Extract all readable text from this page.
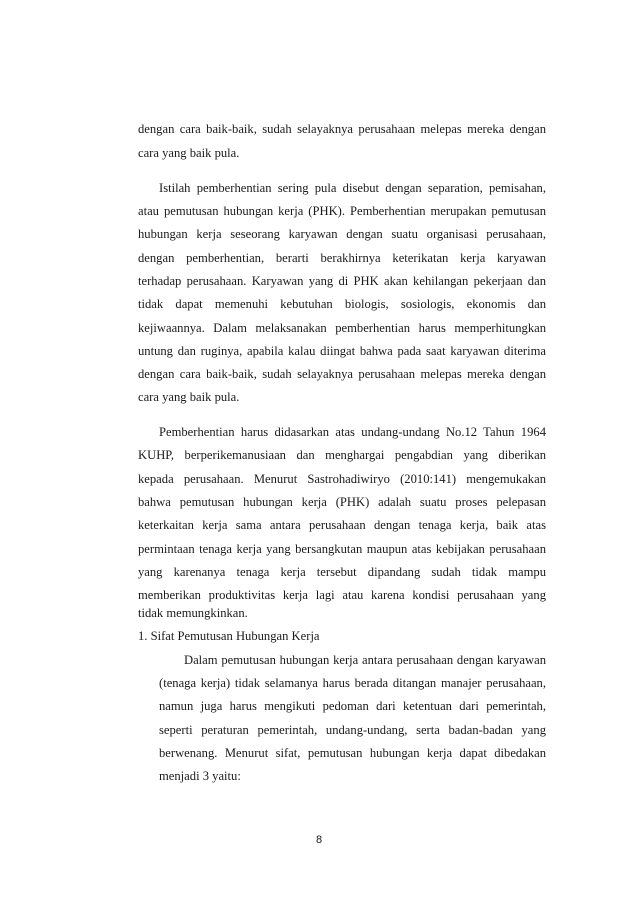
dengan cara baik-baik, sudah selayaknya perusahaan melepas mereka dengan
cara yang baik pula.
Istilah pemberhentian sering pula disebut dengan separation, pemisahan,
atau pemutusan hubungan kerja (PHK). Pemberhentian merupakan pemutusan
hubungan kerja seseorang karyawan dengan suatu organisasi perusahaan,
dengan pemberhentian, berarti berakhirnya keterikatan kerja karyawan
terhadap perusahaan. Karyawan yang di PHK akan kehilangan pekerjaan dan
tidak dapat memenuhi kebutuhan biologis, sosiologis, ekonomis dan
kejiwaannya. Dalam melaksanakan pemberhentian harus memperhitungkan
untung dan ruginya, apabila kalau diingat bahwa pada saat karyawan diterima
dengan cara baik-baik, sudah selayaknya perusahaan melepas mereka dengan
cara yang baik pula.
Pemberhentian harus didasarkan atas undang-undang No.12 Tahun 1964
KUHP, berperikemanusiaan dan menghargai pengabdian yang diberikan
kepada perusahaan. Menurut Sastrohadiwiryo (2010:141) mengemukakan
bahwa pemutusan hubungan kerja (PHK) adalah suatu proses pelepasan
keterkaitan kerja sama antara perusahaan dengan tenaga kerja, baik atas
permintaan tenaga kerja yang bersangkutan maupun atas kebijakan perusahaan
yang karenanya tenaga kerja tersebut dipandang sudah tidak mampu
memberikan produktivitas kerja lagi atau karena kondisi perusahaan yang
tidak memungkinkan.
1. Sifat Pemutusan Hubungan Kerja
Dalam pemutusan hubungan kerja antara perusahaan dengan karyawan
(tenaga kerja) tidak selamanya harus berada ditangan manajer perusahaan,
namun juga harus mengikuti pedoman dari ketentuan dari pemerintah,
seperti peraturan pemerintah, undang-undang, serta badan-badan yang
berwenang. Menurut sifat, pemutusan hubungan kerja dapat dibedakan
menjadi 3 yaitu:
8
